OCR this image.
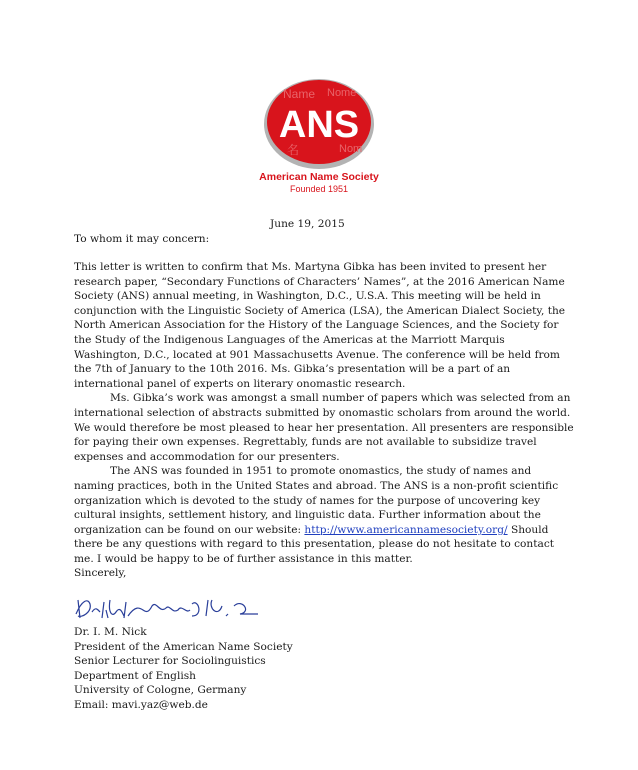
Name Nome
Nom
名
ANS
American Name Society
Founded 1951
June 19, 2015
To whom it may concern:

This letter is written to confirm that Ms. Martyna Gibka has been invited to present her research paper, “Secondary Functions of Characters’ Names”, at the 2016 American Name Society (ANS) annual meeting, in Washington, D.C., U.S.A. This meeting will be held in conjunction with the Linguistic Society of America (LSA), the American Dialect Society, the North American Association for the History of the Language Sciences, and the Society for the Study of the Indigenous Languages of the Americas at the Marriott Marquis Washington, D.C., located at 901 Massachusetts Avenue. The conference will be held from the 7th of January to the 10th 2016. Ms. Gibka’s presentation will be a part of an international panel of experts on literary onomastic research.

Ms. Gibka’s work was amongst a small number of papers which was selected from an international selection of abstracts submitted by onomastic scholars from around the world. We would therefore be most pleased to hear her presentation. All presenters are responsible for paying their own expenses. Regrettably, funds are not available to subsidize travel expenses and accommodation for our presenters.

The ANS was founded in 1951 to promote onomastics, the study of names and naming practices, both in the United States and abroad. The ANS is a non-profit scientific organization which is devoted to the study of names for the purpose of uncovering key cultural insights, settlement history, and linguistic data. Further information about the organization can be found on our website: http://www.americannamesociety.org/ Should there be any questions with regard to this presentation, please do not hesitate to contact me. I would be happy to be of further assistance in this matter.

Sincerely,

Dr. I. M. Nick

President of the American Name Society

Senior Lecturer for Sociolinguistics

Department of English

University of Cologne, Germany

Email: mavi.yaz@web.de
